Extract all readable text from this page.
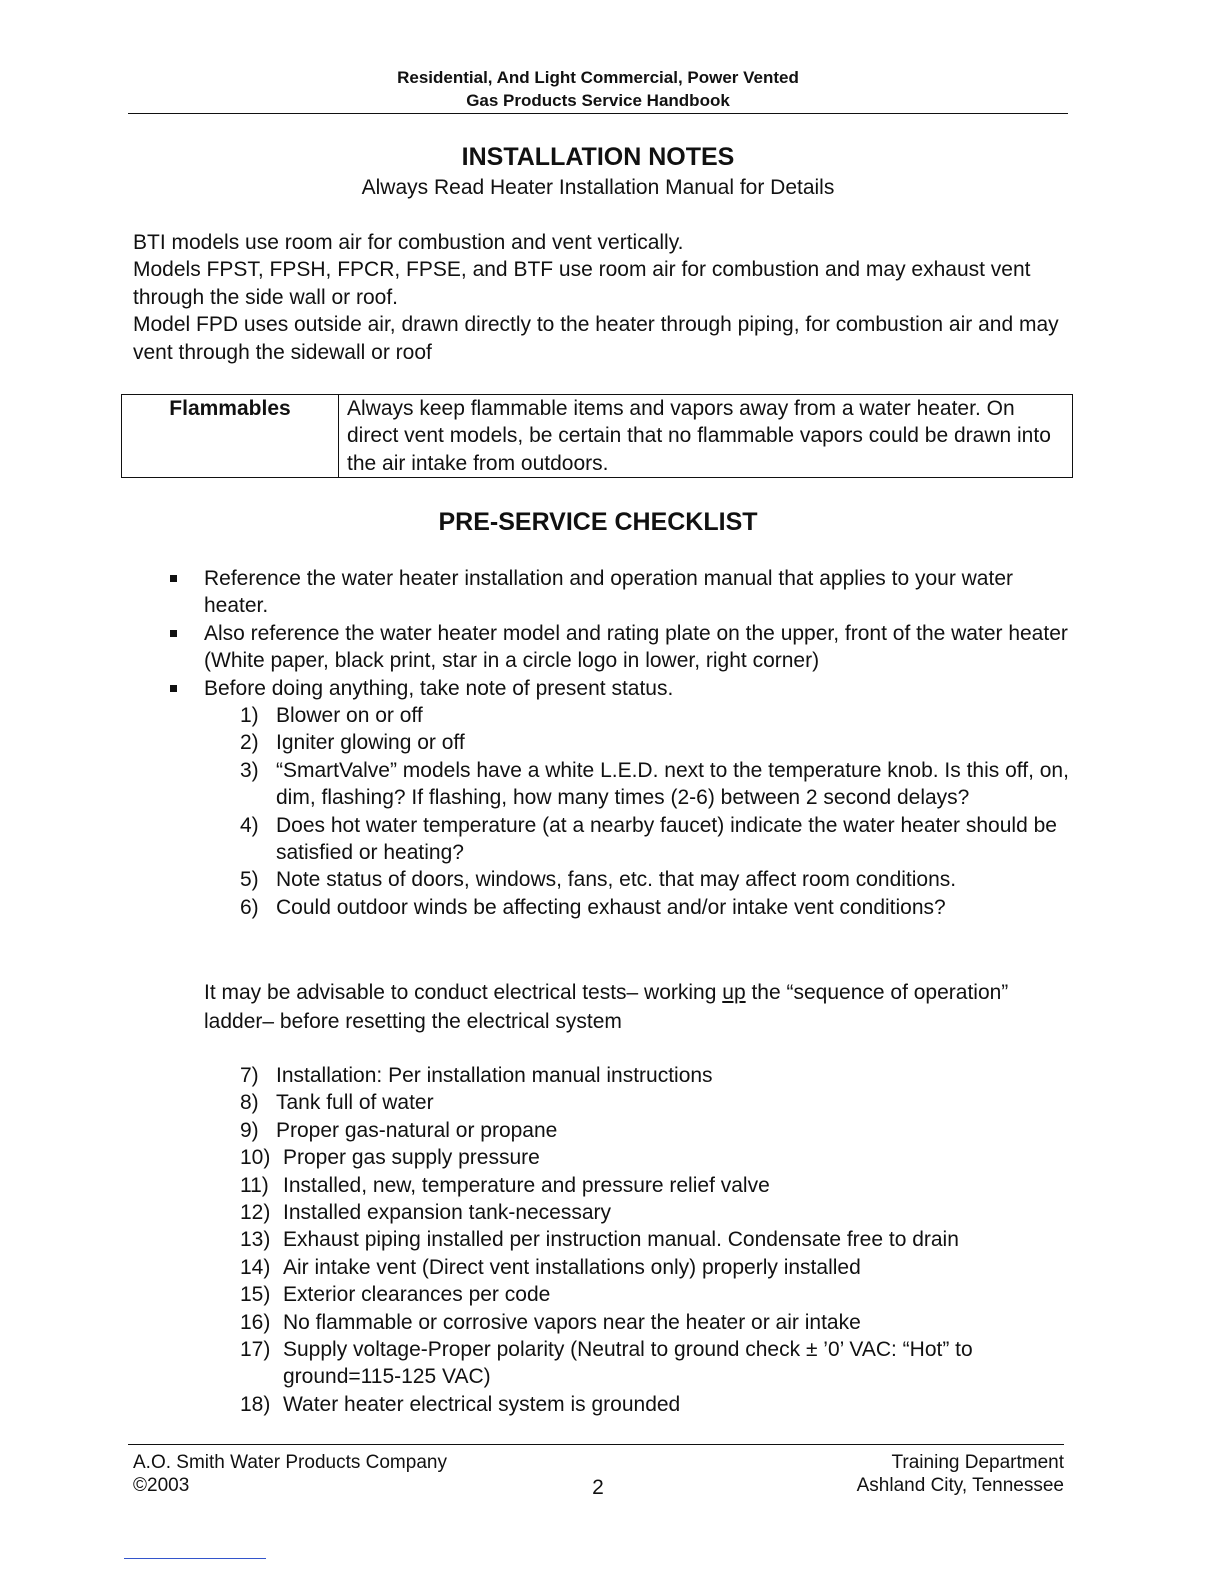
Residential, And Light Commercial, Power Vented
Gas Products Service Handbook
INSTALLATION NOTES
Always Read Heater Installation Manual for Details

BTI models use room air for combustion and vent vertically.

Models FPST, FPSH, FPCR, FPSE, and BTF use room air for combustion and may exhaust vent through the side wall or roof.

Model FPD uses outside air, drawn directly to the heater through piping, for combustion air and may vent through the sidewall or roof

Flammables	Always keep flammable items and vapors away from a water heater. On direct vent models, be certain that no flammable vapors could be drawn into the air intake from outdoors.
PRE-SERVICE CHECKLIST
Reference the water heater installation and operation manual that applies to your water heater.
Also reference the water heater model and rating plate on the upper, front of the water heater (White paper, black print, star in a circle logo in lower, right corner)
Before doing anything, take note of present status.
1) Blower on or off
2) Igniter glowing or off
3) “SmartValve” models have a white L.E.D. next to the temperature knob. Is this off, on, dim, flashing? If flashing, how many times (2-6) between 2 second delays?
4) Does hot water temperature (at a nearby faucet) indicate the water heater should be satisfied or heating?
5) Note status of doors, windows, fans, etc. that may affect room conditions.
6) Could outdoor winds be affecting exhaust and/or intake vent conditions?
It may be advisable to conduct electrical tests– working up the “sequence of operation” ladder– before resetting the electrical system
7) Installation: Per installation manual instructions
8) Tank full of water
9) Proper gas-natural or propane
10) Proper gas supply pressure
11) Installed, new, temperature and pressure relief valve
12) Installed expansion tank-necessary
13) Exhaust piping installed per instruction manual. Condensate free to drain
14) Air intake vent (Direct vent installations only) properly installed
15) Exterior clearances per code
16) No flammable or corrosive vapors near the heater or air intake
17) Supply voltage-Proper polarity (Neutral to ground check ± ’0’ VAC: “Hot” to ground=115-125 VAC)
18) Water heater electrical system is grounded
A.O. Smith Water Products Company
©2003	2
Training Department
Ashland City, Tennessee
